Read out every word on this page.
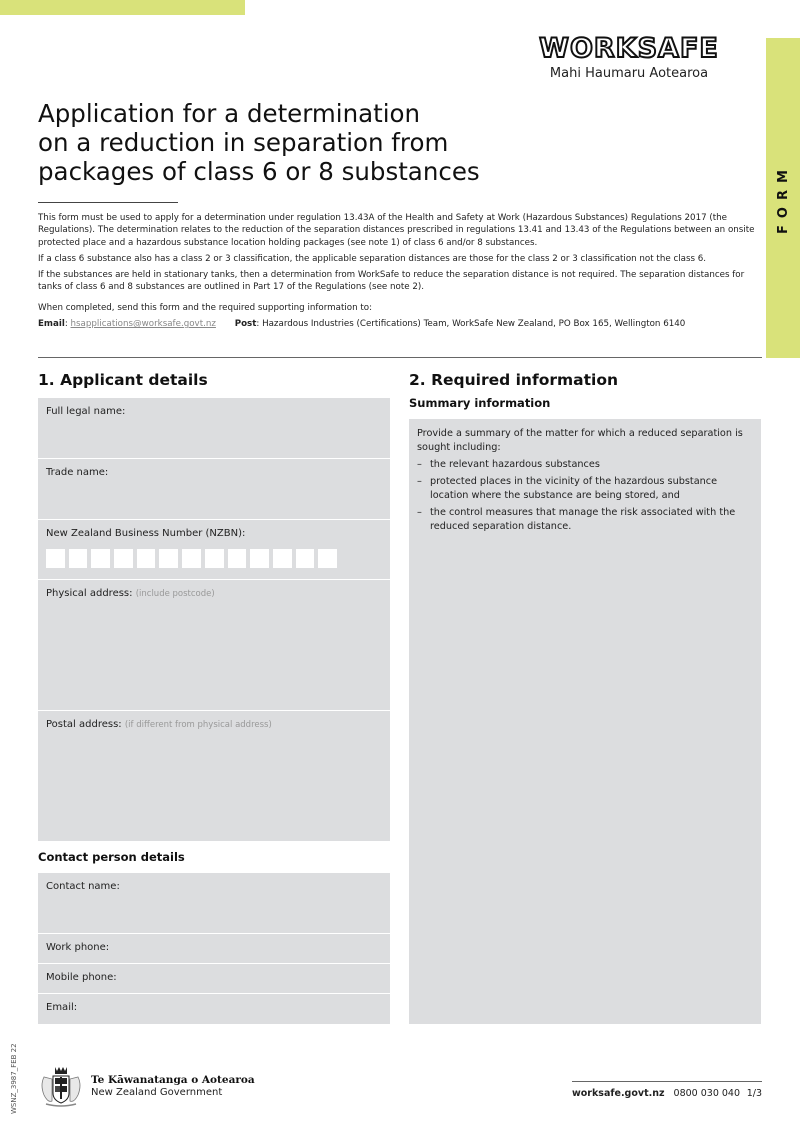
FORM
WORKSAFE
Mahi Haumaru Aotearoa
Application for a determination
on a reduction in separation from
packages of class 6 or 8 substances

This form must be used to apply for a determination under regulation 13.43A of the Health and Safety at Work (Hazardous Substances) Regulations 2017 (the Regulations). The determination relates to the reduction of the separation distances prescribed in regulations 13.41 and 13.43 of the Regulations between an onsite protected place and a hazardous substance location holding packages (see note 1) of class 6 and/or 8 substances.

If a class 6 substance also has a class 2 or 3 classification, the applicable separation distances are those for the class 2 or 3 classification not the class 6.

If the substances are held in stationary tanks, then a determination from WorkSafe to reduce the separation distance is not required. The separation distances for tanks of class 6 and 8 substances are outlined in Part 17 of the Regulations (see note 2).

When completed, send this form and the required supporting information to:

Email: hsapplications@worksafe.govt.nz Post: Hazardous Industries (Certifications) Team, WorkSafe New Zealand, PO Box 165, Wellington 6140

1. Applicant details
Full legal name:
Trade name:
New Zealand Business Number (NZBN):
Physical address: (include postcode)
Postal address: (if different from physical address)
Contact person details
Contact name:
Work phone:
Mobile phone:
Email:
2. Required information
Summary information
Provide a summary of the matter for which a reduced separation is sought including:
– the relevant hazardous substances
– protected places in the vicinity of the hazardous substance location where the substance are being stored, and
– the control measures that manage the risk associated with the reduced separation distance.
WSNZ_3987_FEB 22	Te Kāwanatanga o Aotearoa
New Zealand Government	worksafe.govt.nz 0800 030 040 1/3
